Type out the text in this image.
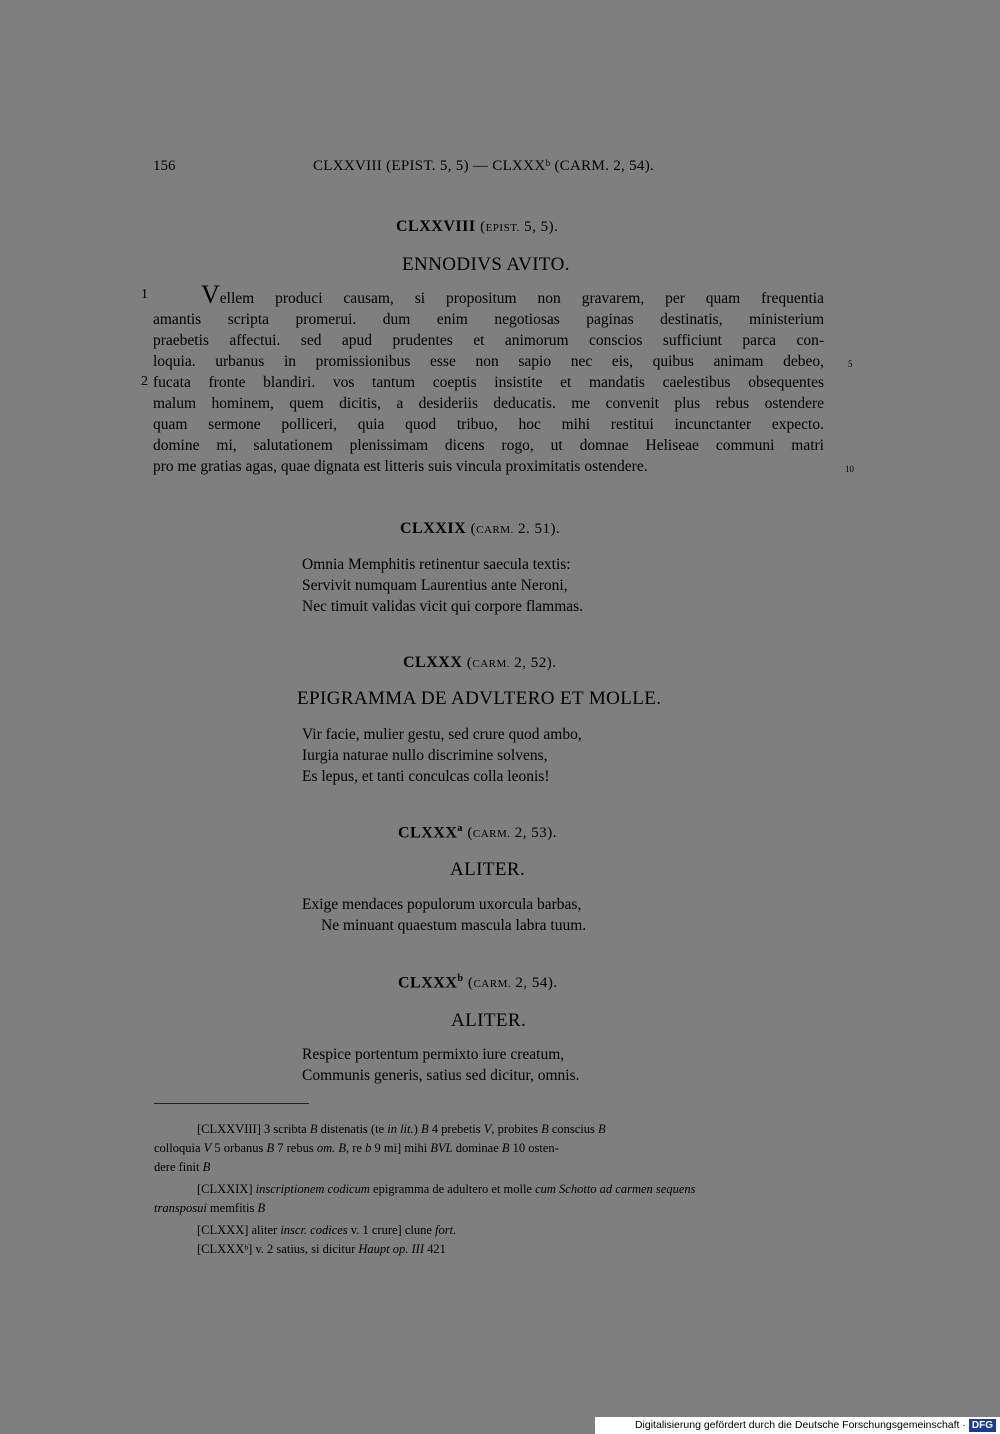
156	CLXXVIII (EPIST. 5, 5) — CLXXXᵇ (CARM. 2, 54).
CLXXVIII (EPIST. 5, 5).
ENNODIVS AVITO.
1
2
5
10
Vellem produci causam, si propositum non gravarem, per quam frequentia
amantis scripta promerui. dum enim negotiosas paginas destinatis, ministerium
praebetis affectui. sed apud prudentes et animorum conscios sufficiunt parca con-
loquia. urbanus in promissionibus esse non sapio nec eis, quibus animam debeo,
fucata fronte blandiri. vos tantum coeptis insistite et mandatis caelestibus obsequentes
malum hominem, quem dicitis, a desideriis deducatis. me convenit plus rebus ostendere
quam sermone polliceri, quia quod tribuo, hoc mihi restitui incunctanter expecto.
domine mi, salutationem plenissimam dicens rogo, ut domnae Heliseae communi matri
pro me gratias agas, quae dignata est litteris suis vincula proximitatis ostendere.
CLXXIX (CARM. 2. 51).
Omnia Memphitis retinentur saecula textis:
Servivit numquam Laurentius ante Neroni,
Nec timuit validas vicit qui corpore flammas.
CLXXX (CARM. 2, 52).
EPIGRAMMA DE ADVLTERO ET MOLLE.
Vir facie, mulier gestu, sed crure quod ambo,
Iurgia naturae nullo discrimine solvens,
Es lepus, et tanti conculcas colla leonis!
CLXXX$^a$ (CARM. 2, 53).
ALITER.
Exige mendaces populorum uxorcula barbas,
Ne minuant quaestum mascula labra tuum.
CLXXX$^b$ (CARM. 2, 54).
ALITER.
Respice portentum permixto iure creatum,
Communis generis, satius sed dicitur, omnis.
[CLXXVIII] 3 scribta B distenatis (te in lit.) B 4 prebetis V, probites B conscius B
colloquia V 5 orbanus B 7 rebus om. B, re b 9 mi] mihi BVL dominae B 10 osten-
dere finit B
[CLXXIX] inscriptionem codicum epigramma de adultero et molle cum Schotto ad carmen sequens
transposui memfitis B
[CLXXX] aliter inscr. codices v. 1 crure] clune fort.
[CLXXXᵇ] v. 2 satius, si dicitur Haupt op. III 421
Digitalisierung gefördert durch die Deutsche Forschungsgemeinschaft · DFG
